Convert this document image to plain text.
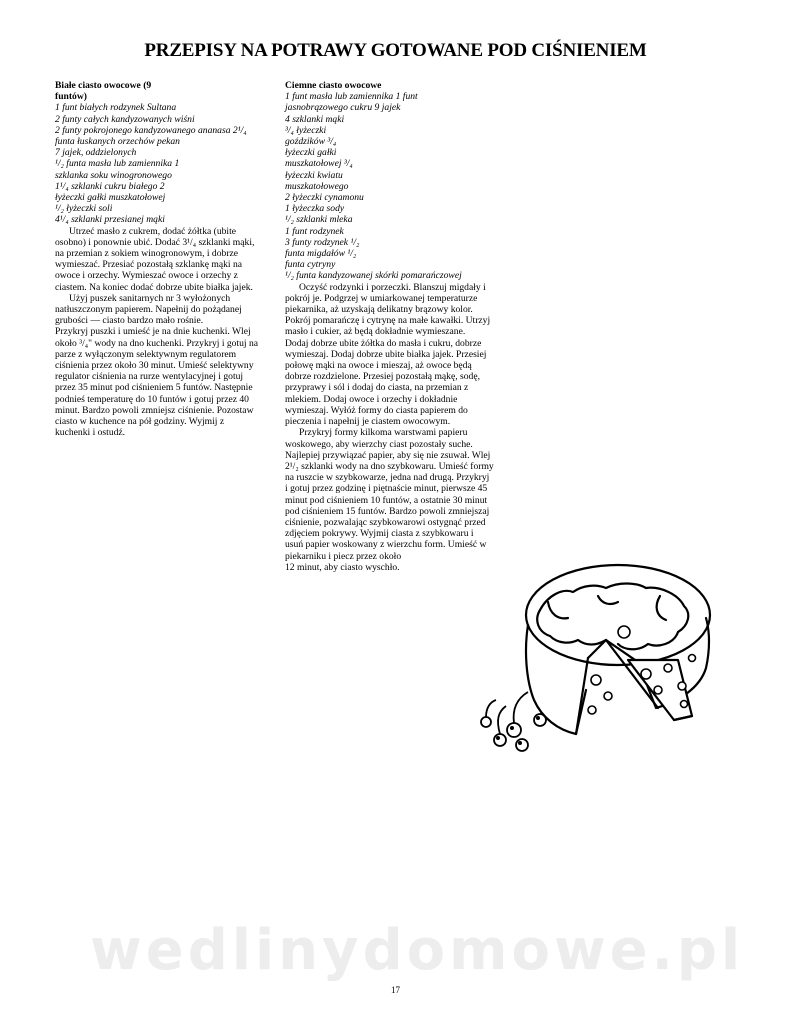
PRZEPISY NA POTRAWY GOTOWANE POD CIŚNIENIEM
Białe ciasto owocowe (9
funtów)
1 funt białych rodzynek Sultana
2 funty całych kandyzowanych wiśni
2 funty pokrojonego kandyzowanego ananasa 2¹/₄
funta łuskanych orzechów pekan
7 jajek, oddzielonych
¹/₂ funta masła lub zamiennika 1
szklanka soku winogronowego
1¹/₄ szklanki cukru białego 2
łyżeczki gałki muszkatołowej
¹/₂ łyżeczki soli
4¹/₄ szklanki przesianej mąki
Utrzeć masło z cukrem, dodać żółtka (ubite
osobno) i ponownie ubić. Dodać 3¹/₄ szklanki mąki,
na przemian z sokiem winogronowym, i dobrze
wymieszać. Przesiać pozostałą szklankę mąki na
owoce i orzechy. Wymieszać owoce i orzechy z
ciastem. Na koniec dodać dobrze ubite białka jajek.
Użyj puszek sanitarnych nr 3 wyłożonych
natłuszczonym papierem. Napełnij do pożądanej
grubości — ciasto bardzo mało rośnie.
Przykryj puszki i umieść je na dnie kuchenki. Wlej
około ³/₄" wody na dno kuchenki. Przykryj i gotuj na
parze z wyłączonym selektywnym regulatorem
ciśnienia przez około 30 minut. Umieść selektywny
regulator ciśnienia na rurze wentylacyjnej i gotuj
przez 35 minut pod ciśnieniem 5 funtów. Następnie
podnieś temperaturę do 10 funtów i gotuj przez 40
minut. Bardzo powoli zmniejsz ciśnienie. Pozostaw
ciasto w kuchence na pół godziny. Wyjmij z
kuchenki i ostudź.
Ciemne ciasto owocowe
1 funt masła lub zamiennika 1 funt
jasnobrązowego cukru 9 jajek
4 szklanki mąki
³/₄ łyżeczki
goździków ³/₄
łyżeczki gałki
muszkatołowej ³/₄
łyżeczki kwiatu
muszkatołowego
2 łyżeczki cynamonu
1 łyżeczka sody
¹/₂ szklanki mleka
1 funt rodzynek
3 funty rodzynek ¹/₂
funta migdałów ¹/₂
funta cytryny
¹/₂ funta kandyzowanej skórki pomarańczowej
Oczyść rodzynki i porzeczki. Blanszuj migdały i
pokrój je. Podgrzej w umiarkowanej temperaturze
piekarnika, aż uzyskają delikatny brązowy kolor.
Pokrój pomarańczę i cytrynę na małe kawałki. Utrzyj
masło i cukier, aż będą dokładnie wymieszane.
Dodaj dobrze ubite żółtka do masła i cukru, dobrze
wymieszaj. Dodaj dobrze ubite białka jajek. Przesiej
połowę mąki na owoce i mieszaj, aż owoce będą
dobrze rozdzielone. Przesiej pozostałą mąkę, sodę,
przyprawy i sól i dodaj do ciasta, na przemian z
mlekiem. Dodaj owoce i orzechy i dokładnie
wymieszaj. Wyłóż formy do ciasta papierem do
pieczenia i napełnij je ciastem owocowym.
Przykryj formy kilkoma warstwami papieru
woskowego, aby wierzchy ciast pozostały suche.
Najlepiej przywiązać papier, aby się nie zsuwał. Wlej
2¹/₂ szklanki wody na dno szybkowaru. Umieść formy
na ruszcie w szybkowarze, jedna nad drugą. Przykryj
i gotuj przez godzinę i piętnaście minut, pierwsze 45
minut pod ciśnieniem 10 funtów, a ostatnie 30 minut
pod ciśnieniem 15 funtów. Bardzo powoli zmniejszaj
ciśnienie, pozwalając szybkowarowi ostygnąć przed
zdjęciem pokrywy. Wyjmij ciasta z szybkowaru i
usuń papier woskowany z wierzchu form. Umieść w
piekarniku i piecz przez około
12 minut, aby ciasto wyschło.
wedlinydomowe.pl
17
